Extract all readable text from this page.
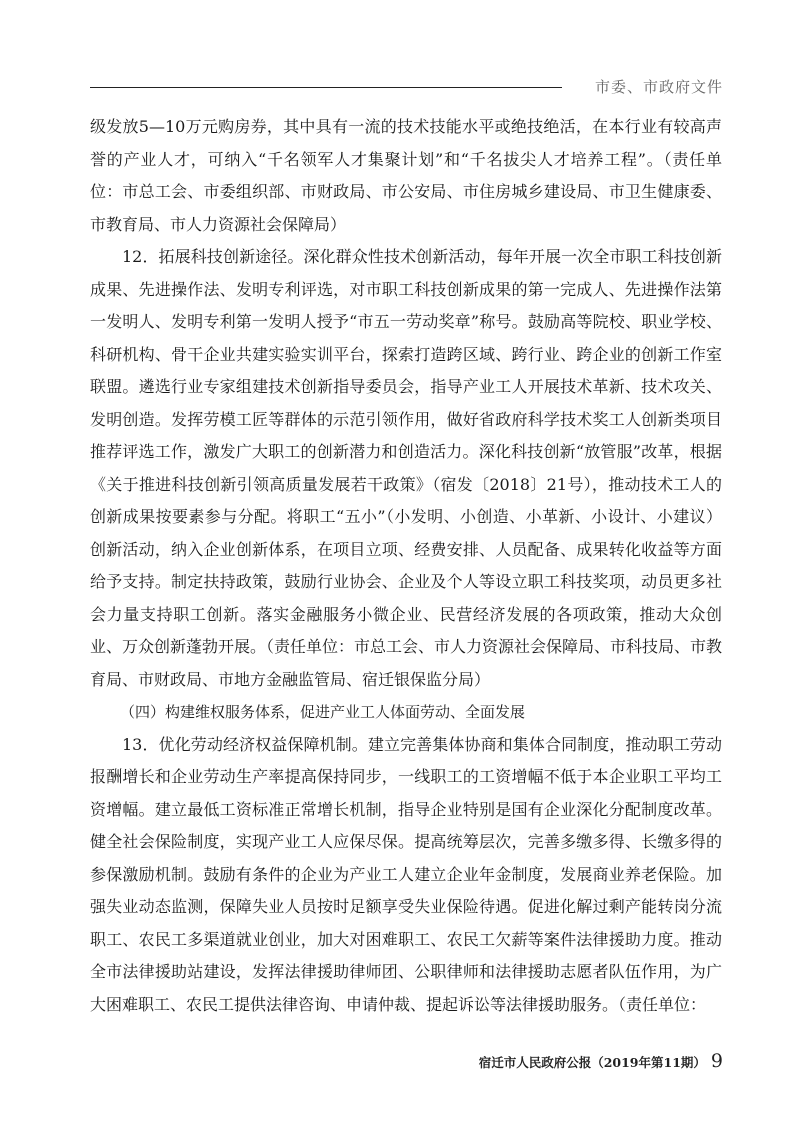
市委、市政府文件

级发放5—10万元购房券，其中具有一流的技术技能水平或绝技绝活，在本行业有较高声誉的产业人才，可纳入“千名领军人才集聚计划”和“千名拔尖人才培养工程”。（责任单位：市总工会、市委组织部、市财政局、市公安局、市住房城乡建设局、市卫生健康委、市教育局、市人力资源社会保障局）

12．拓展科技创新途径。深化群众性技术创新活动，每年开展一次全市职工科技创新成果、先进操作法、发明专利评选，对市职工科技创新成果的第一完成人、先进操作法第一发明人、发明专利第一发明人授予“市五一劳动奖章”称号。鼓励高等院校、职业学校、科研机构、骨干企业共建实验实训平台，探索打造跨区域、跨行业、跨企业的创新工作室联盟。遴选行业专家组建技术创新指导委员会，指导产业工人开展技术革新、技术攻关、发明创造。发挥劳模工匠等群体的示范引领作用，做好省政府科学技术奖工人创新类项目推荐评选工作，激发广大职工的创新潜力和创造活力。深化科技创新“放管服”改革，根据《关于推进科技创新引领高质量发展若干政策》（宿发〔2018〕21号），推动技术工人的创新成果按要素参与分配。将职工“五小”（小发明、小创造、小革新、小设计、小建议）创新活动，纳入企业创新体系，在项目立项、经费安排、人员配备、成果转化收益等方面给予支持。制定扶持政策，鼓励行业协会、企业及个人等设立职工科技奖项，动员更多社会力量支持职工创新。落实金融服务小微企业、民营经济发展的各项政策，推动大众创业、万众创新蓬勃开展。（责任单位：市总工会、市人力资源社会保障局、市科技局、市教育局、市财政局、市地方金融监管局、宿迁银保监分局）

（四）构建维权服务体系，促进产业工人体面劳动、全面发展

13．优化劳动经济权益保障机制。建立完善集体协商和集体合同制度，推动职工劳动报酬增长和企业劳动生产率提高保持同步，一线职工的工资增幅不低于本企业职工平均工资增幅。建立最低工资标准正常增长机制，指导企业特别是国有企业深化分配制度改革。健全社会保险制度，实现产业工人应保尽保。提高统筹层次，完善多缴多得、长缴多得的参保激励机制。鼓励有条件的企业为产业工人建立企业年金制度，发展商业养老保险。加强失业动态监测，保障失业人员按时足额享受失业保险待遇。促进化解过剩产能转岗分流职工、农民工多渠道就业创业，加大对困难职工、农民工欠薪等案件法律援助力度。推动全市法律援助站建设，发挥法律援助律师团、公职律师和法律援助志愿者队伍作用，为广大困难职工、农民工提供法律咨询、申请仲裁、提起诉讼等法律援助服务。（责任单位：

宿迁市人民政府公报（2019年第11期） 9
